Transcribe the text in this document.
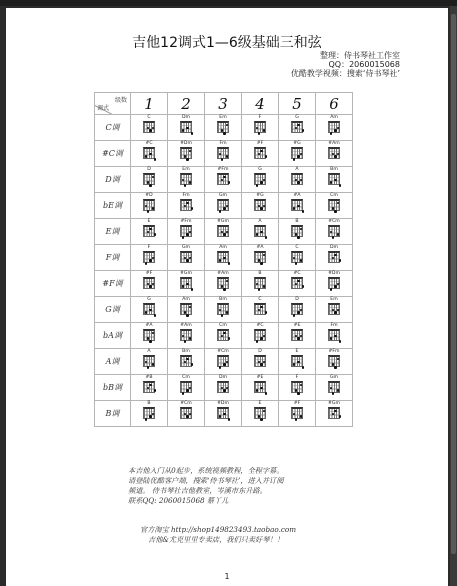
吉他12调式1—6级基础三和弦
整理：侍书琴社工作室
QQ：2060015068
优酷教学视频：搜索‘侍书琴社’
级数
调式	1	2	3	4	5	6
C调	C	Dm	Em	F	G	Am

#C调	#C	#Dm	Fm	#F	#G	#Am

D调	D	Em	#Fm	G	A	Bm

bE调	#D	Fm	Gm	#G	#A	Cm

E调	E	#Fm	#Gm	A	B	#Cm

F调	F	Gm	Am	#A	C	Dm

#F调	#F	#Gm	#Am	B	#C	#Dm

G调	G	Am	Bm	C	D	Em

bA调	#A	#Am	Cm	#C	#E	Fm

A调	A	Bm	#Cm	D	E	#Fm

bB调	#B	Cm	Dm	#E	F	Gm

B调	B	#Cm	#Dm	E	#F	#Gm
本吉他入门从0起步，系统视频教程，全程字幕。
请登陆优酷客户端，搜索‘侍书琴社’，进入并订阅
频道。 侍书琴社吉他教室，岑溪市东升路。
联系QQ: 2060015068 蔡丫儿
官方淘宝 http://shop149823493.taobao.com
吉他&尤克里里专卖店，我们只卖好琴！！
1
